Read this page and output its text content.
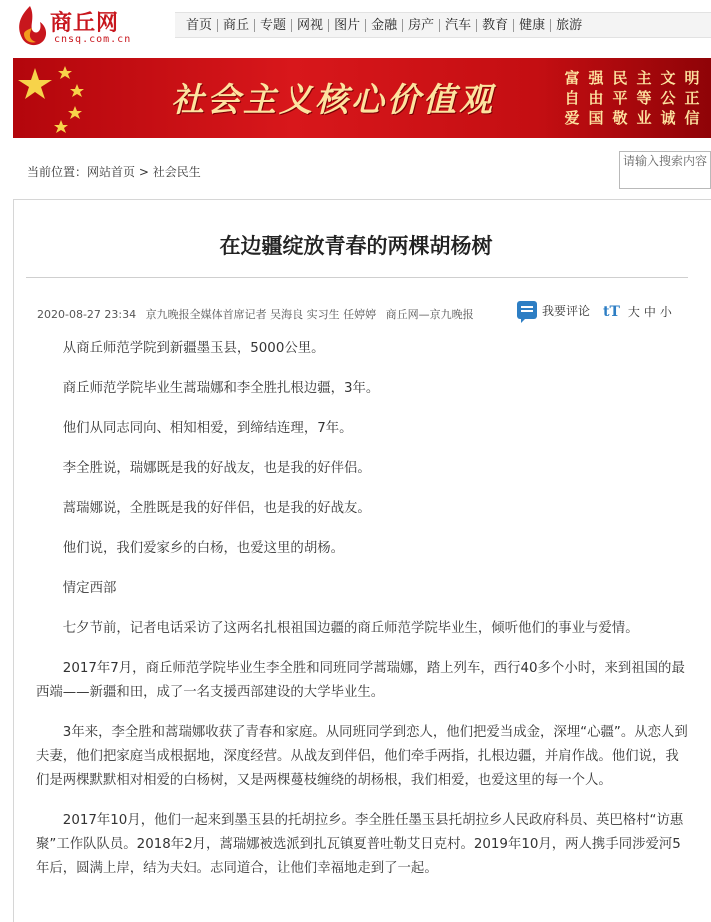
商丘网
cnsq.com.cn
首页 商丘 专题 网视 图片 金融 房产 汽车 教育 健康 旅游
社会主义核心价值观
富 强 民 主 文 明
自 由 平 等 公 正
爱 国 敬 业 诚 信
当前位置：网站首页 > 社会民生
请输入搜索内容
在边疆绽放青春的两棵胡杨树
2020-08-27 23:34 京九晚报全媒体首席记者 吴海良 实习生 任婷婷 商丘网—京九晚报	我要评论 tT 大 中 小

从商丘师范学院到新疆墨玉县，5000公里。

商丘师范学院毕业生蒿瑞娜和李全胜扎根边疆，3年。

他们从同志同向、相知相爱，到缔结连理，7年。

李全胜说，瑞娜既是我的好战友，也是我的好伴侣。

蒿瑞娜说，全胜既是我的好伴侣，也是我的好战友。

他们说，我们爱家乡的白杨，也爱这里的胡杨。

情定西部

七夕节前，记者电话采访了这两名扎根祖国边疆的商丘师范学院毕业生，倾听他们的事业与爱情。

2017年7月，商丘师范学院毕业生李全胜和同班同学蒿瑞娜，踏上列车，西行40多个小时，来到祖国的最西端——新疆和田，成了一名支援西部建设的大学毕业生。

3年来，李全胜和蒿瑞娜收获了青春和家庭。从同班同学到恋人，他们把爱当成金，深埋“心疆”。从恋人到夫妻，他们把家庭当成根据地，深度经营。从战友到伴侣，他们牵手两指，扎根边疆，并肩作战。他们说，我们是两棵默默相对相爱的白杨树，又是两棵蔓枝缠绕的胡杨根，我们相爱，也爱这里的每一个人。

2017年10月，他们一起来到墨玉县的托胡拉乡。李全胜任墨玉县托胡拉乡人民政府科员、英巴格村“访惠聚”工作队队员。2018年2月，蒿瑞娜被选派到扎瓦镇夏普吐勒艾日克村。2019年10月，两人携手同涉爱河5年后，圆满上岸，结为夫妇。志同道合，让他们幸福地走到了一起。
